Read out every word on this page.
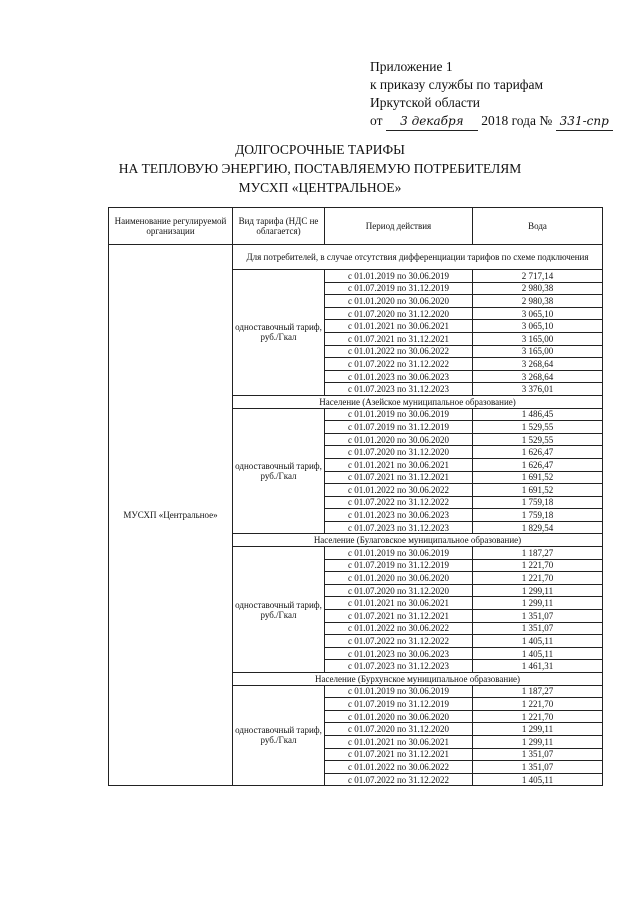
Приложение 1
к приказу службы по тарифам
Иркутской области
от 3 декабря 2018 года № 331-спр
ДОЛГОСРОЧНЫЕ ТАРИФЫ
НА ТЕПЛОВУЮ ЭНЕРГИЮ, ПОСТАВЛЯЕМУЮ ПОТРЕБИТЕЛЯМ
МУСХП «ЦЕНТРАЛЬНОЕ»
Наименование регулируемой организации	Вид тарифа (НДС не облагается)	Период действия	Вода
МУСХП «Центральное»	Для потребителей, в случае отсутствия дифференциации тарифов по схеме подключения		
	одноставочный тариф, руб./Гкал	с 01.01.2019 по 30.06.2019	2 717,14
		с 01.07.2019 по 31.12.2019	2 980,38
		с 01.01.2020 по 30.06.2020	2 980,38
		с 01.07.2020 по 31.12.2020	3 065,10
		с 01.01.2021 по 30.06.2021	3 065,10
		с 01.07.2021 по 31.12.2021	3 165,00
		с 01.01.2022 по 30.06.2022	3 165,00
		с 01.07.2022 по 31.12.2022	3 268,64
		с 01.01.2023 по 30.06.2023	3 268,64
		с 01.07.2023 по 31.12.2023	3 376,01
	Население (Азейское муниципальное образование)		
	одноставочный тариф, руб./Гкал	с 01.01.2019 по 30.06.2019	1 486,45
		с 01.07.2019 по 31.12.2019	1 529,55
		с 01.01.2020 по 30.06.2020	1 529,55
		с 01.07.2020 по 31.12.2020	1 626,47
		с 01.01.2021 по 30.06.2021	1 626,47
		с 01.07.2021 по 31.12.2021	1 691,52
		с 01.01.2022 по 30.06.2022	1 691,52
		с 01.07.2022 по 31.12.2022	1 759,18
		с 01.01.2023 по 30.06.2023	1 759,18
		с 01.07.2023 по 31.12.2023	1 829,54
	Население (Булаговское муниципальное образование)		
	одноставочный тариф, руб./Гкал	с 01.01.2019 по 30.06.2019	1 187,27
		с 01.07.2019 по 31.12.2019	1 221,70
		с 01.01.2020 по 30.06.2020	1 221,70
		с 01.07.2020 по 31.12.2020	1 299,11
		с 01.01.2021 по 30.06.2021	1 299,11
		с 01.07.2021 по 31.12.2021	1 351,07
		с 01.01.2022 по 30.06.2022	1 351,07
		с 01.07.2022 по 31.12.2022	1 405,11
		с 01.01.2023 по 30.06.2023	1 405,11
		с 01.07.2023 по 31.12.2023	1 461,31
	Население (Бурхунское муниципальное образование)		
	одноставочный тариф, руб./Гкал	с 01.01.2019 по 30.06.2019	1 187,27
		с 01.07.2019 по 31.12.2019	1 221,70
		с 01.01.2020 по 30.06.2020	1 221,70
		с 01.07.2020 по 31.12.2020	1 299,11
		с 01.01.2021 по 30.06.2021	1 299,11
		с 01.07.2021 по 31.12.2021	1 351,07
		с 01.01.2022 по 30.06.2022	1 351,07
		с 01.07.2022 по 31.12.2022	1 405,11
